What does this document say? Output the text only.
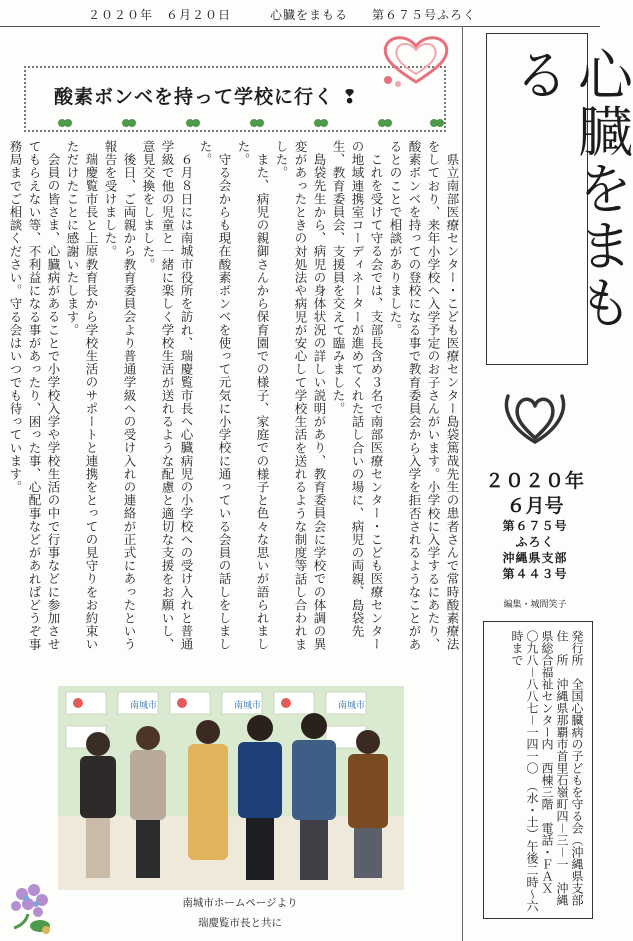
２０２０年　６月２０日	心臓をまもる 第６７５号ふろく
心臓をまもる
２０２０年
６月号
第６７５号
ふろく
沖縄県支部
第４４３号
編集・城間笑子
発行所　全国心臓病の子どもを守る会（沖縄県支部　住　所　沖縄県那覇市首里石嶺町四－三－一　沖縄県総合福祉センター内　西棟三階　電話・ＦＡＸ　〇九八－八八七－一四一〇　（水・土）午後二時～六時まで
酸素ボンベを持って学校に行く ❢

県立南部医療センター・こども医療センター島袋篤哉先生の患者さんで常時酸素療法をしており、来年小学校へ入学予定のお子さんがいます。小学校に入学するにあたり、酸素ボンベを持っての登校になる事で教育委員会から入学を拒否されるようなことがあるとのことで相談がありました。

これを受けて守る会では、支部長含め３名で南部医療センター・こども医療センターの地域連携室コーディネーターが進めてくれた話し合いの場に、病児の両親、島袋先生、教育委員会、支援員を交えて臨みました。

島袋先生から、病児の身体状況の詳しい説明があり、教育委員会に学校での体調の異変があったときの対処法や病児が安心して学校生活を送れるような制度等話し合われました。

また、病児の親御さんから保育園での様子、家庭での様子と色々な思いが語られました。

守る会からも現在酸素ボンベを使って元気に小学校に通っている会員の話しをしました。

６月８日には南城市役所を訪れ、瑞慶覧市長へ心臓病児の小学校への受け入れと普通学級で他の児童と一緒に楽しく学校生活が送れるような配慮と適切な支援をお願いし、意見交換をしました。

後日、ご両親から教育委員会より普通学級への受け入れの連絡が正式にあったという報告を受けました。

瑞慶覧市長と上原教育長から学校生活のサポートと連携をとっての見守りをお約束いただけたことに感謝いたします。

会員の皆さま、心臓病があることで小学校入学や学校生活の中で行事などに参加させてもらえない等、不利益になる事があったり、困った事、心配事などがあればどうぞ事務局までご相談ください。守る会はいつでも待っています。

南城市	南城市	南城市
南城市ホームページより
瑞慶覧市長と共に
